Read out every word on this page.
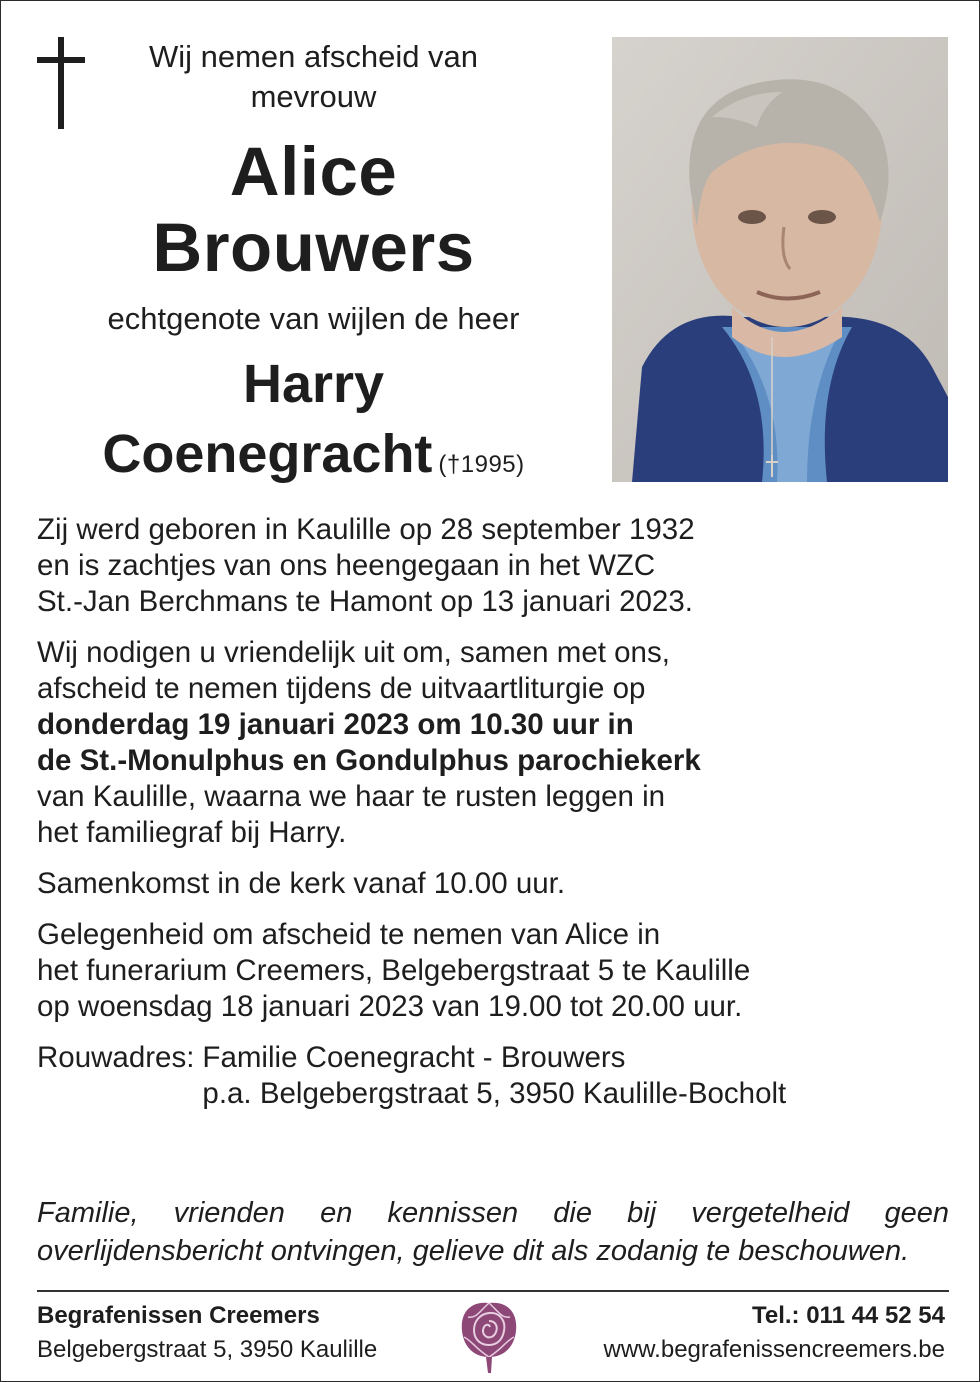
Wij nemen afscheid van
mevrouw
Alice
Brouwers
echtgenote van wijlen de heer
Harry
Coenegracht (†1995)

Zij werd geboren in Kaulille op 28 september 1932
en is zachtjes van ons heengegaan in het WZC
St.-Jan Berchmans te Hamont op 13 januari 2023.

Wij nodigen u vriendelijk uit om, samen met ons,
afscheid te nemen tijdens de uitvaartliturgie op
donderdag 19 januari 2023 om 10.30 uur in
de St.-Monulphus en Gondulphus parochiekerk
van Kaulille, waarna we haar te rusten leggen in
het familiegraf bij Harry.

Samenkomst in de kerk vanaf 10.00 uur.

Gelegenheid om afscheid te nemen van Alice in
het funerarium Creemers, Belgebergstraat 5 te Kaulille
op woensdag 18 januari 2023 van 19.00 tot 20.00 uur.

Rouwadres: Familie Coenegracht - Brouwers
p.a. Belgebergstraat 5, 3950 Kaulille-Bocholt
Familie, vrienden en kennissen die bij vergetelheid geen overlijdensbericht ontvingen, gelieve dit als zodanig te beschouwen.
Begrafenissen Creemers
Belgebergstraat 5, 3950 Kaulille
Tel.: 011 44 52 54
www.begrafenissencreemers.be
